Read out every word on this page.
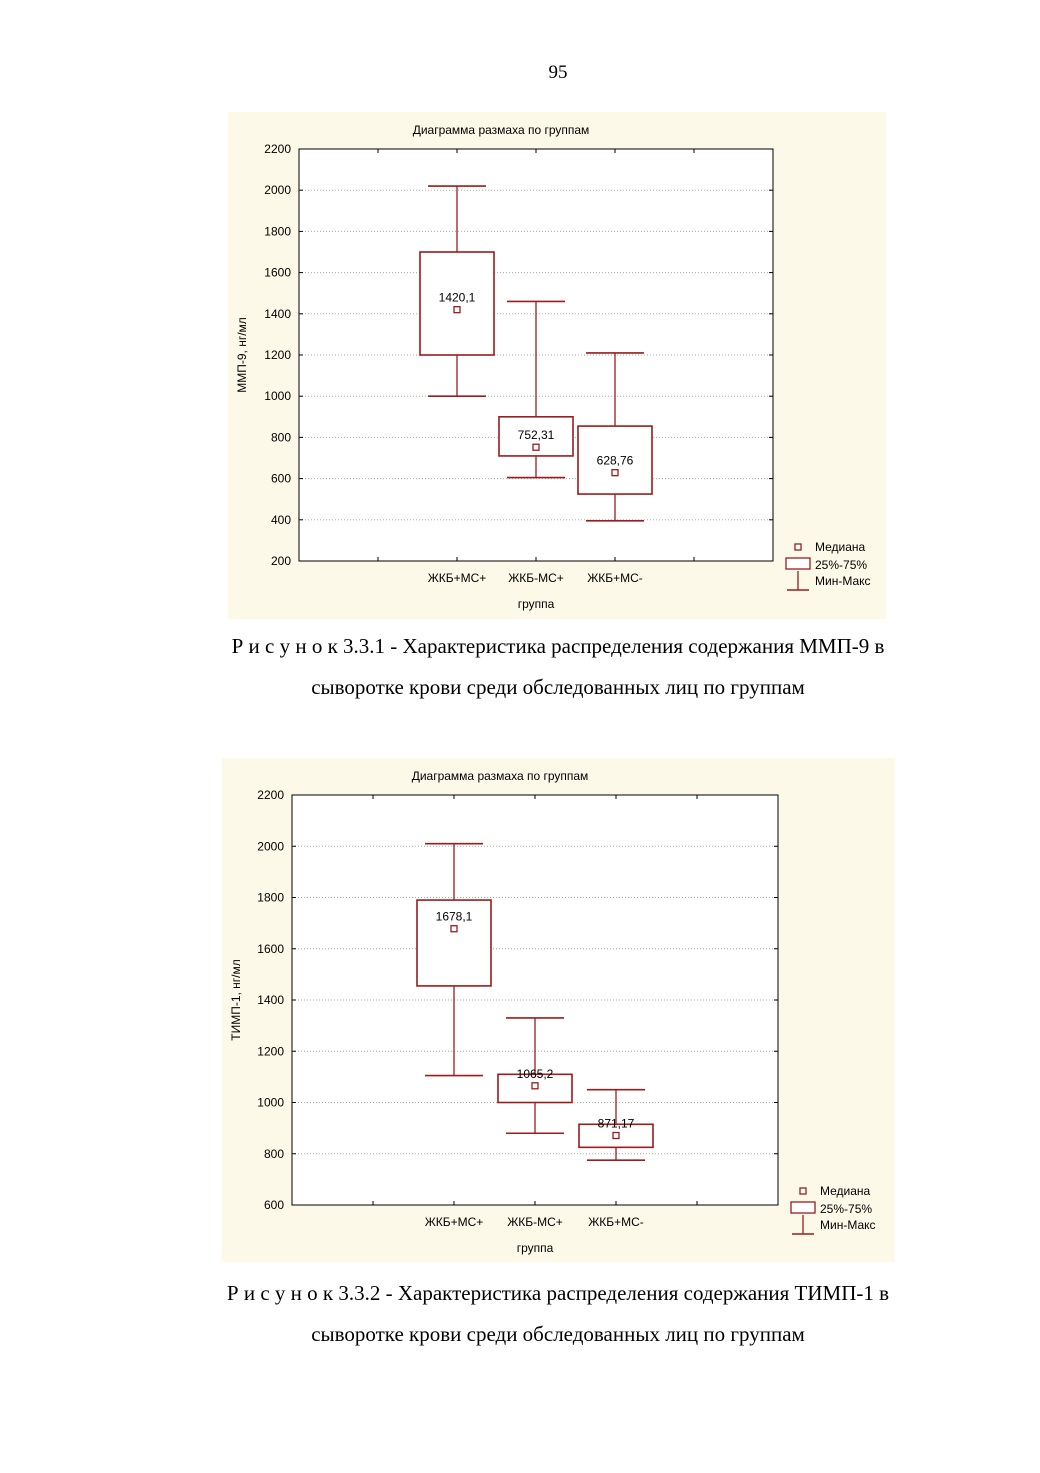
95
Диаграмма размаха по группам
200
400
600
800
1000
1200
1400
1600
1800
2000
2200
ММП-9, нг/мл
группа
ЖКБ+МС+
1420,1
ЖКБ-МС+
752,31
ЖКБ+МС-
628,76
Медиана
25%-75%
Мин-Макс
Р и с у н о к 3.3.1 - Характеристика распределения содержания ММП-9 в
сыворотке крови среди обследованных лиц по группам
Диаграмма размаха по группам
600
800
1000
1200
1400
1600
1800
2000
2200
ТИМП-1, нг/мл
группа
ЖКБ+МС+
1678,1
ЖКБ-МС+
1065,2
ЖКБ+МС-
871,17
Медиана
25%-75%
Мин-Макс
Р и с у н о к 3.3.2 - Характеристика распределения содержания ТИМП-1 в
сыворотке крови среди обследованных лиц по группам
